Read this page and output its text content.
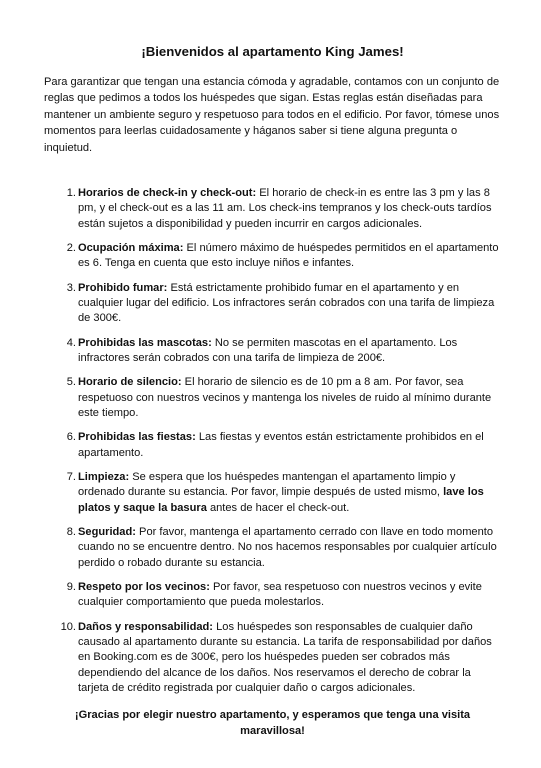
¡Bienvenidos al apartamento King James!
Para garantizar que tengan una estancia cómoda y agradable, contamos con un conjunto de reglas que pedimos a todos los huéspedes que sigan. Estas reglas están diseñadas para mantener un ambiente seguro y respetuoso para todos en el edificio. Por favor, tómese unos momentos para leerlas cuidadosamente y háganos saber si tiene alguna pregunta o inquietud.
1. Horarios de check-in y check-out: El horario de check-in es entre las 3 pm y las 8 pm, y el check-out es a las 11 am. Los check-ins tempranos y los check-outs tardíos están sujetos a disponibilidad y pueden incurrir en cargos adicionales.
2. Ocupación máxima: El número máximo de huéspedes permitidos en el apartamento es 6. Tenga en cuenta que esto incluye niños e infantes.
3. Prohibido fumar: Está estrictamente prohibido fumar en el apartamento y en cualquier lugar del edificio. Los infractores serán cobrados con una tarifa de limpieza de 300€.
4. Prohibidas las mascotas: No se permiten mascotas en el apartamento. Los infractores serán cobrados con una tarifa de limpieza de 200€.
5. Horario de silencio: El horario de silencio es de 10 pm a 8 am. Por favor, sea respetuoso con nuestros vecinos y mantenga los niveles de ruido al mínimo durante este tiempo.
6. Prohibidas las fiestas: Las fiestas y eventos están estrictamente prohibidos en el apartamento.
7. Limpieza: Se espera que los huéspedes mantengan el apartamento limpio y ordenado durante su estancia. Por favor, limpie después de usted mismo, lave los platos y saque la basura antes de hacer el check-out.
8. Seguridad: Por favor, mantenga el apartamento cerrado con llave en todo momento cuando no se encuentre dentro. No nos hacemos responsables por cualquier artículo perdido o robado durante su estancia.
9. Respeto por los vecinos: Por favor, sea respetuoso con nuestros vecinos y evite cualquier comportamiento que pueda molestarlos.
10. Daños y responsabilidad: Los huéspedes son responsables de cualquier daño causado al apartamento durante su estancia. La tarifa de responsabilidad por daños en Booking.com es de 300€, pero los huéspedes pueden ser cobrados más dependiendo del alcance de los daños. Nos reservamos el derecho de cobrar la tarjeta de crédito registrada por cualquier daño o cargos adicionales.
¡Gracias por elegir nuestro apartamento, y esperamos que tenga una visita maravillosa!
